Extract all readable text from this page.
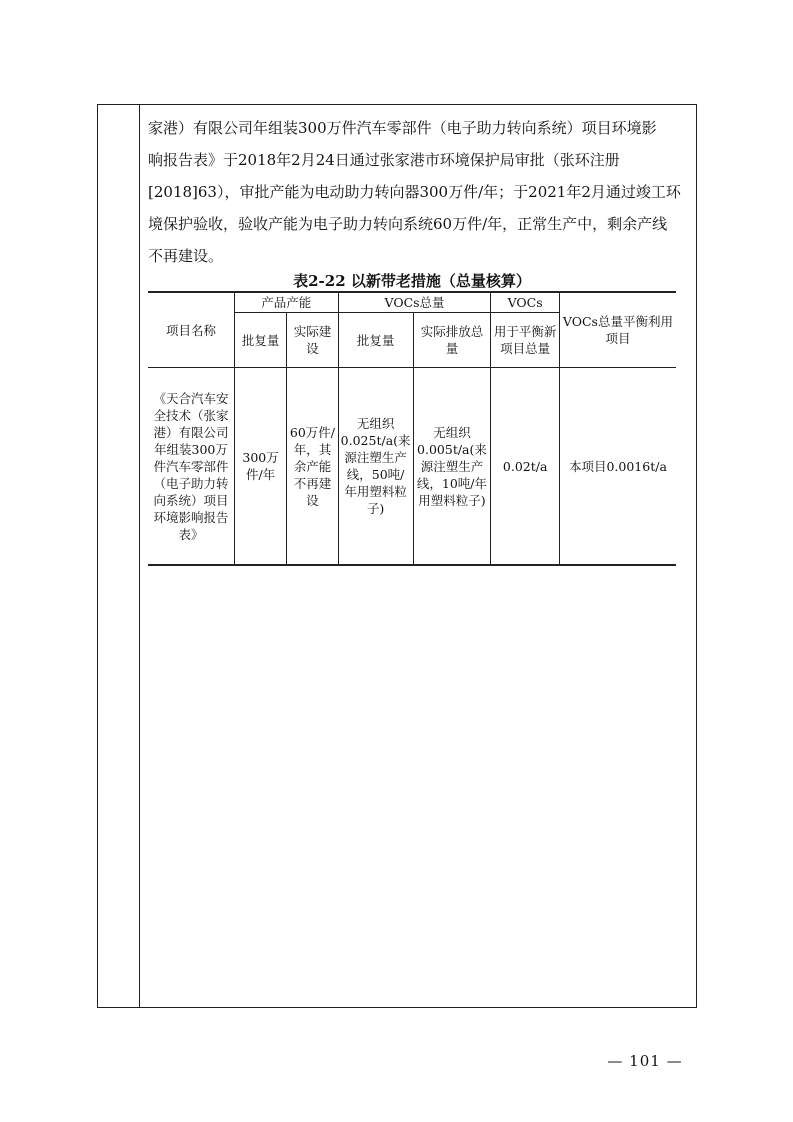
家港）有限公司年组装300万件汽车零部件（电子助力转向系统）项目环境影
响报告表》于2018年2月24日通过张家港市环境保护局审批（张环注册
[2018]63），审批产能为电动助力转向器300万件/年；于2021年2月通过竣工环
境保护验收，验收产能为电子助力转向系统60万件/年，正常生产中，剩余产线
不再建设。
表2-22 以新带老措施（总量核算）
项目名称	产品产能		VOCs总量		VOCs	VOCs总量平衡利用项目
	批复量	实际建设	批复量	实际排放总量	用于平衡新项目总量	
《天合汽车安全技术（张家港）有限公司年组装300万件汽车零部件（电子助力转向系统）项目环境影响报告表》	300万件/年	60万件/年，其余产能不再建设	无组织0.025t/a(来源注塑生产线，50吨/年用塑料粒子)	无组织0.005t/a(来源注塑生产线，10吨/年用塑料粒子)	0.02t/a	本项目0.0016t/a
— 101 —
